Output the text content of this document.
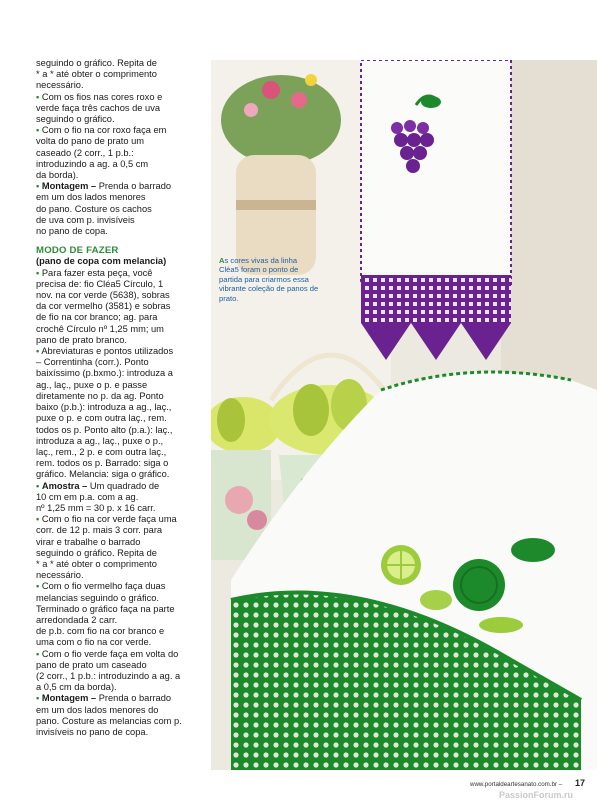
seguindo o gráfico. Repita de

* a * até obter o comprimento

necessário.

• Com os fios nas cores roxo e

verde faça três cachos de uva

seguindo o gráfico.

• Com o fio na cor roxo faça em

volta do pano de prato um

caseado (2 corr., 1 p.b.:

introduzindo a ag. a 0,5 cm

da borda).

• Montagem – Prenda o barrado

em um dos lados menores

do pano. Costure os cachos

de uva com p. invisíveis

no pano de copa.

MODO DE FAZER

(pano de copa com melancia)

• Para fazer esta peça, você

precisa de: fio Cléa5 Círculo, 1

nov. na cor verde (5638), sobras

da cor vermelho (3581) e sobras

de fio na cor branco; ag. para

crochê Círculo nº 1,25 mm; um

pano de prato branco.

• Abreviaturas e pontos utilizados

– Correntinha (corr.). Ponto

baixíssimo (p.bxmo.): introduza a

ag., laç., puxe o p. e passe

diretamente no p. da ag. Ponto

baixo (p.b.): introduza a ag., laç.,

puxe o p. e com outra laç., rem.

todos os p. Ponto alto (p.a.): laç.,

introduza a ag., laç., puxe o p.,

laç., rem., 2 p. e com outra laç.,

rem. todos os p. Barrado: siga o

gráfico. Melancia: siga o gráfico.

• Amostra – Um quadrado de

10 cm em p.a. com a ag.

nº 1,25 mm = 30 p. x 16 carr.

• Com o fio na cor verde faça uma

corr. de 12 p. mais 3 corr. para

virar e trabalhe o barrado

seguindo o gráfico. Repita de

* a * até obter o comprimento

necessário.

• Com o fio vermelho faça duas

melancias seguindo o gráfico.

Terminado o gráfico faça na parte

arredondada 2 carr.

de p.b. com fio na cor branco e

uma com o fio na cor verde.

• Com o fio verde faça em volta do

pano de prato um caseado

(2 corr., 1 p.b.: introduzindo a ag. a

a 0,5 cm da borda).

• Montagem – Prenda o barrado

em um dos lados menores do

pano. Costure as melancias com p.

invisíveis no pano de copa.

As cores vivas da linha
Cléa5 foram o ponto de
partida para criarmos essa
vibrante coleção de panos de
prato.
www.portaldeartesanato.com.br – 17
PassionForum.ru
